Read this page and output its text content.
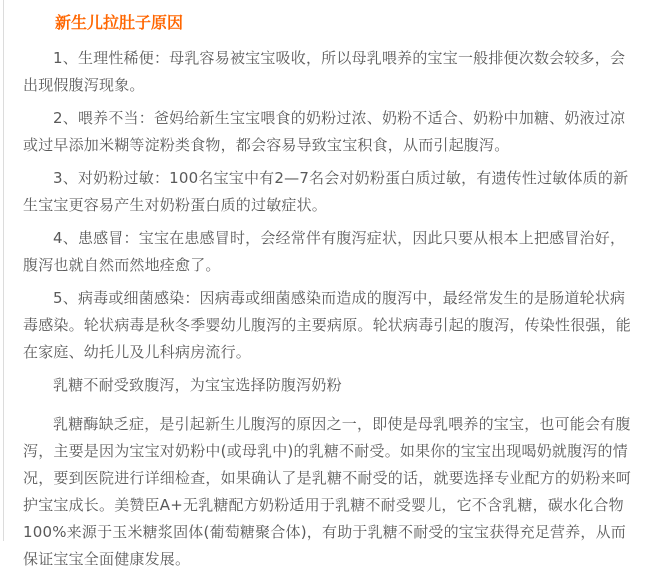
新生儿拉肚子原因

1、生理性稀便：母乳容易被宝宝吸收，所以母乳喂养的宝宝一般排便次数会较多，会出现假腹泻现象。

2、喂养不当：爸妈给新生宝宝喂食的奶粉过浓、奶粉不适合、奶粉中加糖、奶液过凉或过早添加米糊等淀粉类食物，都会容易导致宝宝积食，从而引起腹泻。

3、对奶粉过敏：100名宝宝中有2—7名会对奶粉蛋白质过敏，有遗传性过敏体质的新生宝宝更容易产生对奶粉蛋白质的过敏症状。

4、患感冒：宝宝在患感冒时，会经常伴有腹泻症状，因此只要从根本上把感冒治好，腹泻也就自然而然地痊愈了。

5、病毒或细菌感染：因病毒或细菌感染而造成的腹泻中，最经常发生的是肠道轮状病毒感染。轮状病毒是秋冬季婴幼儿腹泻的主要病原。轮状病毒引起的腹泻，传染性很强，能在家庭、幼托儿及儿科病房流行。

乳糖不耐受致腹泻，为宝宝选择防腹泻奶粉

乳糖酶缺乏症，是引起新生儿腹泻的原因之一，即使是母乳喂养的宝宝，也可能会有腹泻，主要是因为宝宝对奶粉中(或母乳中)的乳糖不耐受。如果你的宝宝出现喝奶就腹泻的情况，要到医院进行详细检查，如果确认了是乳糖不耐受的话，就要选择专业配方的奶粉来呵护宝宝成长。美赞臣A+无乳糖配方奶粉适用于乳糖不耐受婴儿，它不含乳糖，碳水化合物100%来源于玉米糖浆固体(葡萄糖聚合体)，有助于乳糖不耐受的宝宝获得充足营养，从而保证宝宝全面健康发展。
